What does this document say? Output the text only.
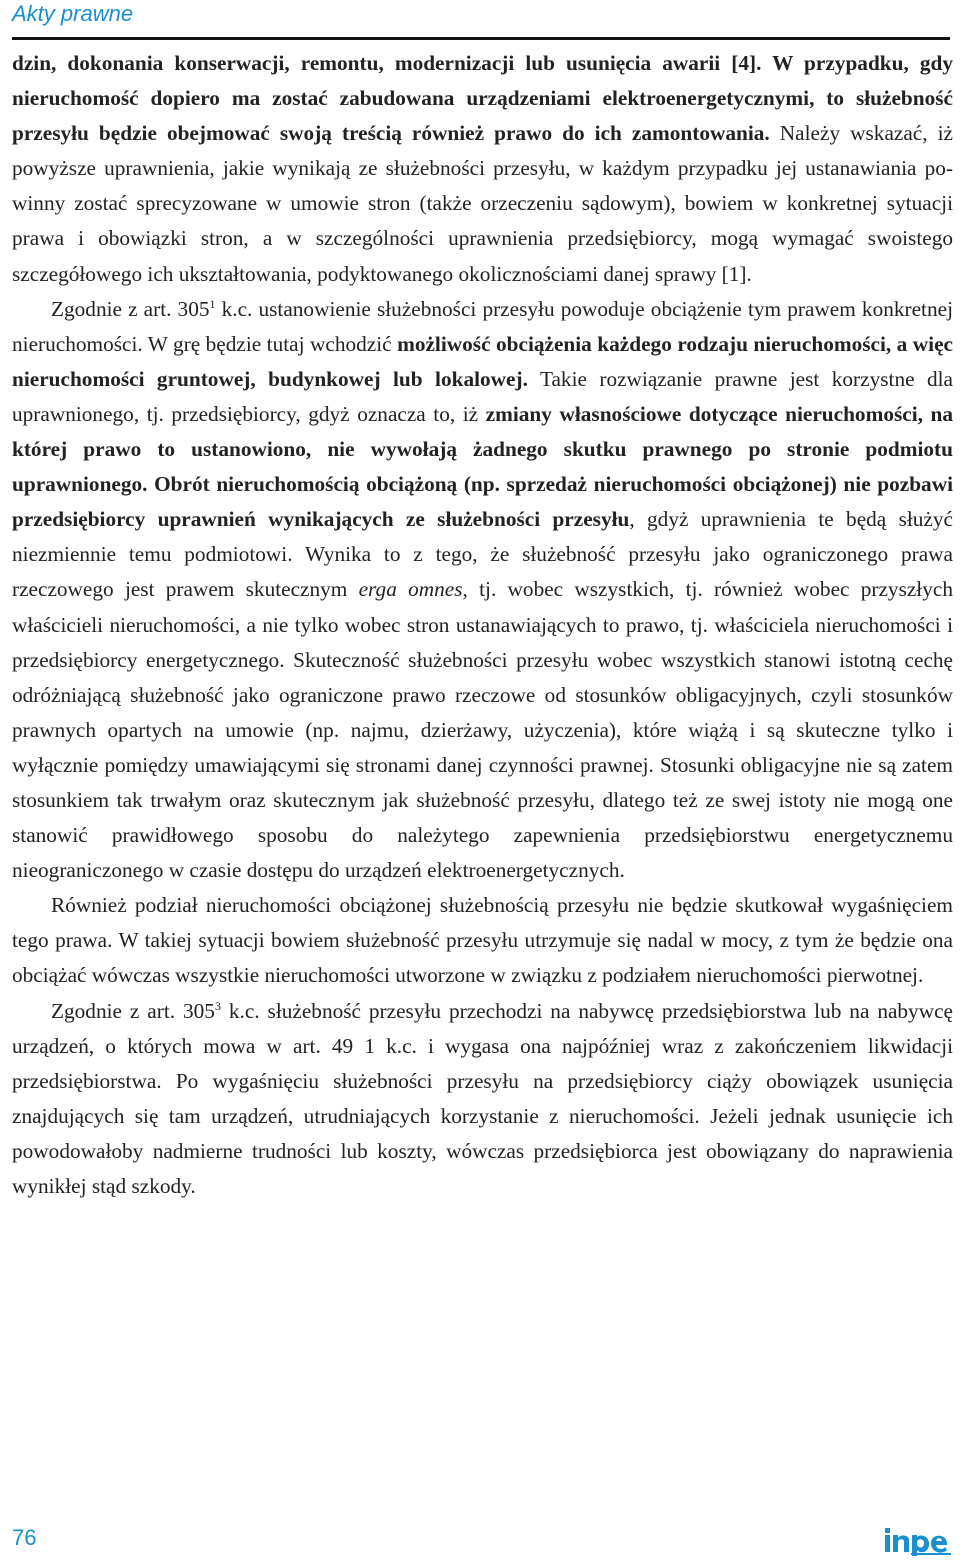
Akty prawne

dzin, dokonania konserwacji, remontu, modernizacji lub usunięcia awarii [4]. W przypadku, gdy nieruchomość dopiero ma zostać zabudowana urządzeniami elektroenergetycznymi, to służebność przesyłu będzie obejmować swoją treścią również prawo do ich zamontowania. Należy wskazać, iż powyższe uprawnienia, jakie wynikają ze służebności przesyłu, w każdym przypadku jej ustanawiania powinny zostać sprecyzowane w umowie stron (także orzeczeniu sądowym), bowiem w konkretnej sytuacji prawa i obowiązki stron, a w szczególności uprawnienia przedsiębiorcy, mogą wymagać swoistego szczegółowego ich ukształtowania, podyktowanego okolicznościami danej sprawy [1].

Zgodnie z art. $305^1$ k.c. ustanowienie służebności przesyłu powoduje obciążenie tym prawem konkretnej nieruchomości. W grę będzie tutaj wchodzić możliwość obciążenia każdego rodzaju nieruchomości, a więc nieruchomości gruntowej, budynkowej lub lokalowej. Takie rozwiązanie prawne jest korzystne dla uprawnionego, tj. przedsiębiorcy, gdyż oznacza to, iż zmiany własnościowe dotyczące nieruchomości, na której prawo to ustanowiono, nie wywołają żadnego skutku prawnego po stronie podmiotu uprawnionego. Obrót nieruchomością obciążoną (np. sprzedaż nieruchomości obciążonej) nie pozbawi przedsiębiorcy uprawnień wynikających ze służebności przesyłu, gdyż uprawnienia te będą służyć niezmiennie temu podmiotowi. Wynika to z tego, że służebność przesyłu jako ograniczonego prawa rzeczowego jest prawem skutecznym erga omnes, tj. wobec wszystkich, tj. również wobec przyszłych właścicieli nieruchomości, a nie tylko wobec stron ustanawiających to prawo, tj. właściciela nieruchomości i przedsiębiorcy energetycznego. Skuteczność służebności przesyłu wobec wszystkich stanowi istotną cechę odróżniającą służebność jako ograniczone prawo rzeczowe od stosunków obligacyjnych, czyli stosunków prawnych opartych na umowie (np. najmu, dzierżawy, użyczenia), które wiążą i są skuteczne tylko i wyłącznie pomiędzy umawiającymi się stronami danej czynności prawnej. Stosunki obligacyjne nie są zatem stosunkiem tak trwałym oraz skutecznym jak służebność przesyłu, dlatego też ze swej istoty nie mogą one stanowić prawidłowego sposobu do należytego zapewnienia przedsiębiorstwu energetycznemu nieograniczonego w czasie dostępu do urządzeń elektroenergetycznych.

Również podział nieruchomości obciążonej służebnością przesyłu nie będzie skutkował wygaśnięciem tego prawa. W takiej sytuacji bowiem służebność przesyłu utrzymuje się nadal w mocy, z tym że będzie ona obciążać wówczas wszystkie nieruchomości utworzone w związku z podziałem nieruchomości pierwotnej.

Zgodnie z art. $305^3$ k.c. służebność przesyłu przechodzi na nabywcę przedsiębiorstwa lub na nabywcę urządzeń, o których mowa w art. 49 1 k.c. i wygasa ona najpóźniej wraz z zakończeniem likwidacji przedsiębiorstwa. Po wygaśnięciu służebności przesyłu na przedsiębiorcy ciąży obowiązek usunięcia znajdujących się tam urządzeń, utrudniających korzystanie z nieruchomości. Jeżeli jednak usunięcie ich powodowałoby nadmierne trudności lub koszty, wówczas przedsiębiorca jest obowiązany do naprawienia wynikłej stąd szkody.

76
